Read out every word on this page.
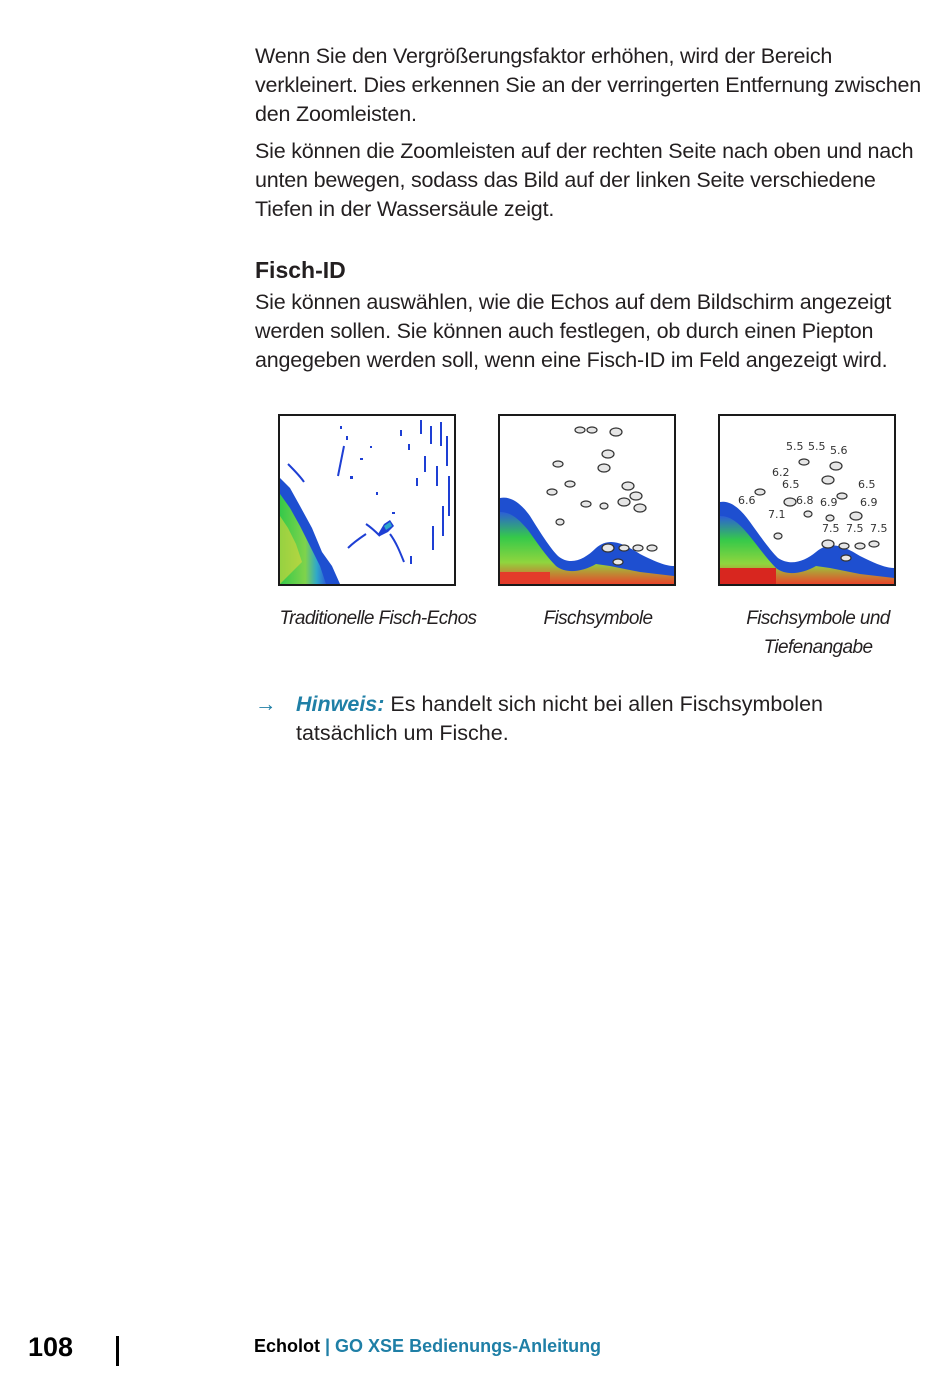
Wenn Sie den Vergrößerungsfaktor erhöhen, wird der Bereich verkleinert. Dies erkennen Sie an der verringerten Entfernung zwischen den Zoomleisten.

Sie können die Zoomleisten auf der rechten Seite nach oben und nach unten bewegen, sodass das Bild auf der linken Seite verschiedene Tiefen in der Wassersäule zeigt.

Fisch-ID

Sie können auswählen, wie die Echos auf dem Bildschirm angezeigt werden sollen. Sie können auch festlegen, ob durch einen Piepton angegeben werden soll, wenn eine Fisch-ID im Feld angezeigt wird.

Traditionelle Fisch-Echos	Fischsymbole
5.5 5.5 5.6
6.2
6.5	6.5
6.6	6.8 6.9 6.9
7.1
7.5 7.5 7.5
Fischsymbole und Tiefenangabe
→ Hinweis: Es handelt sich nicht bei allen Fischsymbolen tatsächlich um Fische.
108	Echolot | GO XSE Bedienungs-Anleitung
